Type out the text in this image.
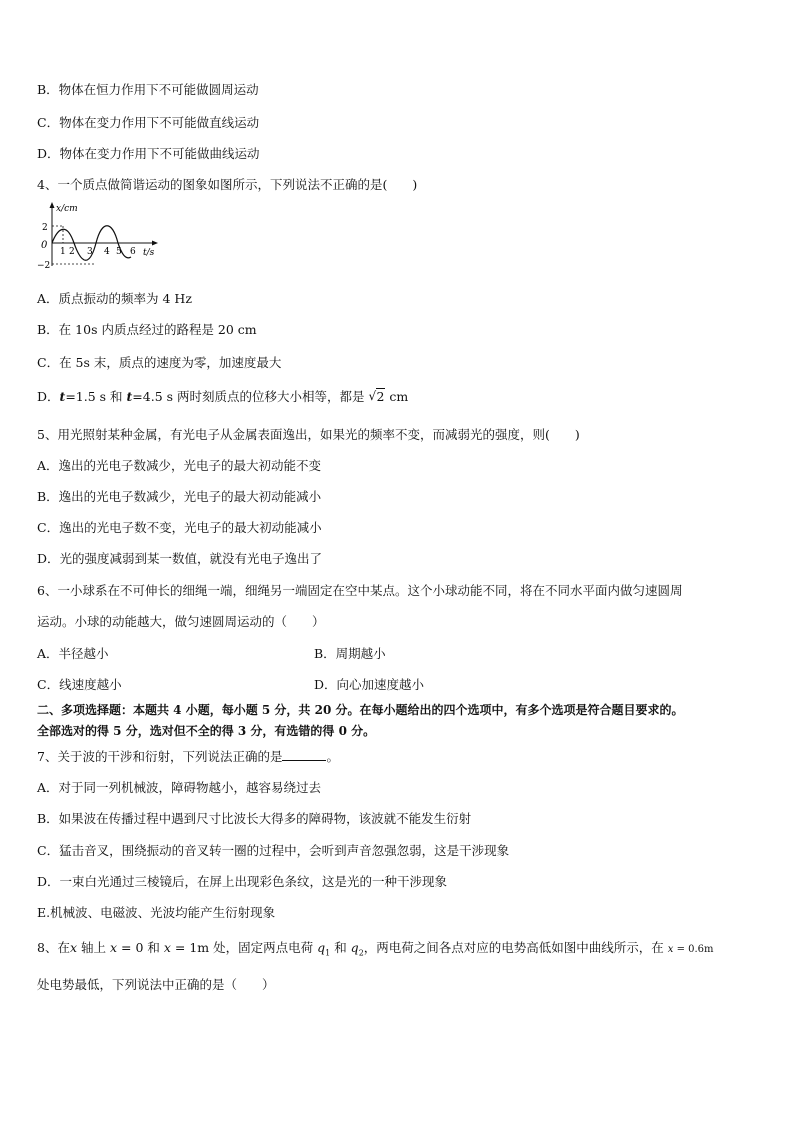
B．物体在恒力作用下不可能做圆周运动
C．物体在变力作用下不可能做直线运动
D．物体在变力作用下不可能做曲线运动
4、一个质点做简谐运动的图象如图所示，下列说法不正确的是(　　)
x/cm
2
0
−2
1 2 3 4 5 6 t/s
A．质点振动的频率为 4 Hz
B．在 10s 内质点经过的路程是 20 cm
C．在 5s 末，质点的速度为零，加速度最大
D．t=1.5 s 和 t=4.5 s 两时刻质点的位移大小相等，都是 √ 2 cm
5、用光照射某种金属，有光电子从金属表面逸出，如果光的频率不变，而减弱光的强度，则(　　)
A．逸出的光电子数减少，光电子的最大初动能不变
B．逸出的光电子数减少，光电子的最大初动能减小
C．逸出的光电子数不变，光电子的最大初动能减小
D．光的强度减弱到某一数值，就没有光电子逸出了
6、一小球系在不可伸长的细绳一端，细绳另一端固定在空中某点。这个小球动能不同，将在不同水平面内做匀速圆周
运动。小球的动能越大，做匀速圆周运动的（　　）
A．半径越小	B．周期越小
C．线速度越小	D．向心加速度越小
二、多项选择题：本题共 4 小题，每小题 5 分，共 20 分。在每小题给出的四个选项中，有多个选项是符合题目要求的。
全部选对的得 5 分，选对但不全的得 3 分，有选错的得 0 分。
7、关于波的干涉和衍射，下列说法正确的是	。
A．对于同一列机械波，障碍物越小，越容易绕过去
B．如果波在传播过程中遇到尺寸比波长大得多的障碍物，该波就不能发生衍射
C．猛击音叉，围绕振动的音叉转一圈的过程中，会听到声音忽强忽弱，这是干涉现象
D．一束白光通过三棱镜后，在屏上出现彩色条纹，这是光的一种干涉现象
E.机械波、电磁波、光波均能产生衍射现象
8、在x 轴上 x = 0 和 x = 1m 处，固定两点电荷 $q_1$ 和 $q_2$，两电荷之间各点对应的电势高低如图中曲线所示，在 x = 0.6m
处电势最低，下列说法中正确的是（　　）
